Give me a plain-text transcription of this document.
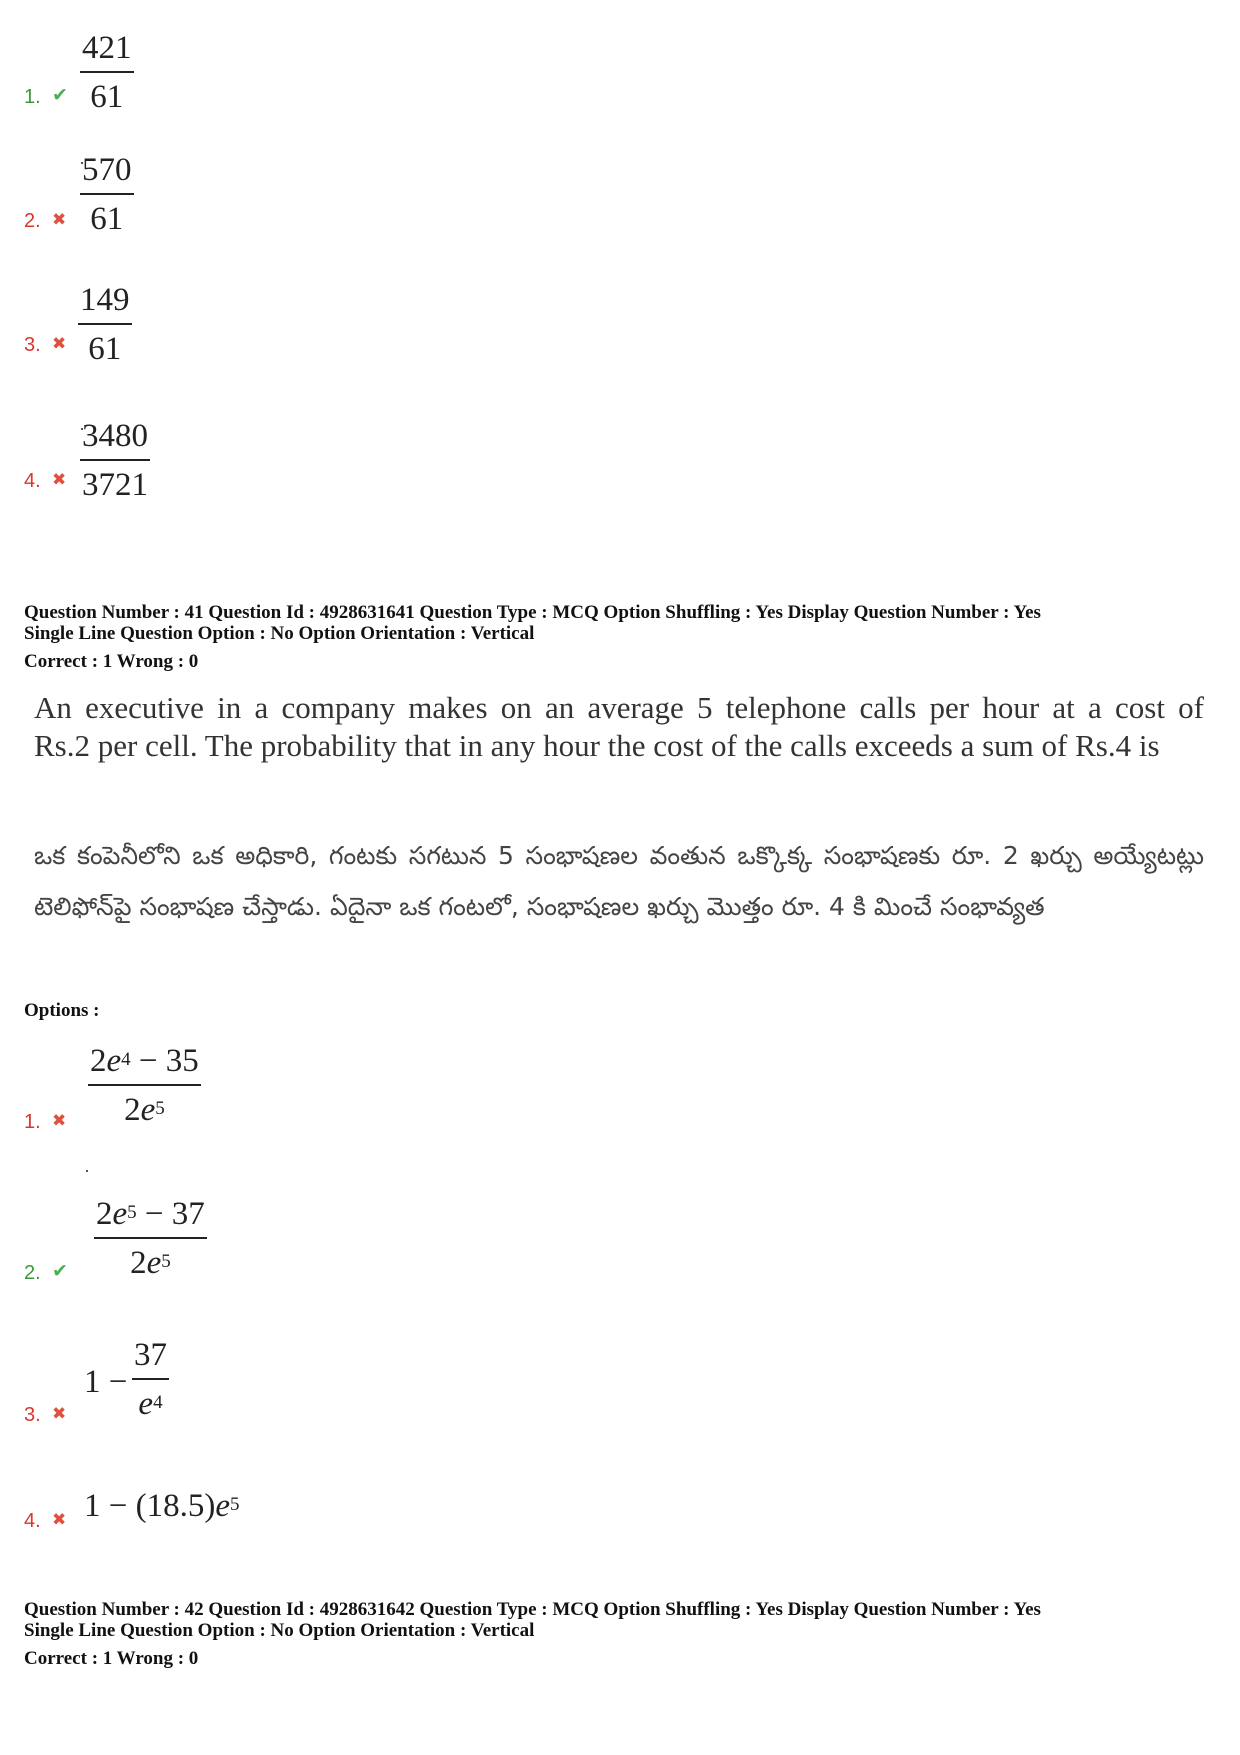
1. ✔ $\frac{421}{61}$
2. ✖ $\frac{570}{61}$
3. ✖ $\frac{149}{61}$
4. ✖ $\frac{3480}{3721}$
Question Number : 41 Question Id : 4928631641 Question Type : MCQ Option Shuffling : Yes Display Question Number : Yes
Single Line Question Option : No Option Orientation : Vertical
Correct : 1 Wrong : 0
An executive in a company makes on an average 5 telephone calls per hour at a cost of
Rs.2 per cell. The probability that in any hour the cost of the calls exceeds a sum of Rs.4 is
ఒక కంపెనీలోని ఒక అధికారి, గంటకు సగటున 5 సంభాషణల వంతున ఒక్కొక్క సంభాషణకు రూ. 2 ఖర్చు అయ్యేటట్లు టెలిఫోన్‌పై సంభాషణ చేస్తాడు. ఏదైనా ఒక గంటలో, సంభాషణల ఖర్చు మొత్తం రూ. 4 కి మించే సంభావ్యత
Options :
1. ✖ $\frac{2e^4 - 35}{2e^5}$
2. ✔ $\frac{2e^5 - 37}{2e^5}$
3. ✖
$1 - \frac{37}{e^4}$
4. ✖ $1 - (18.5)e^5$
Question Number : 42 Question Id : 4928631642 Question Type : MCQ Option Shuffling : Yes Display Question Number : Yes
Single Line Question Option : No Option Orientation : Vertical
Correct : 1 Wrong : 0
